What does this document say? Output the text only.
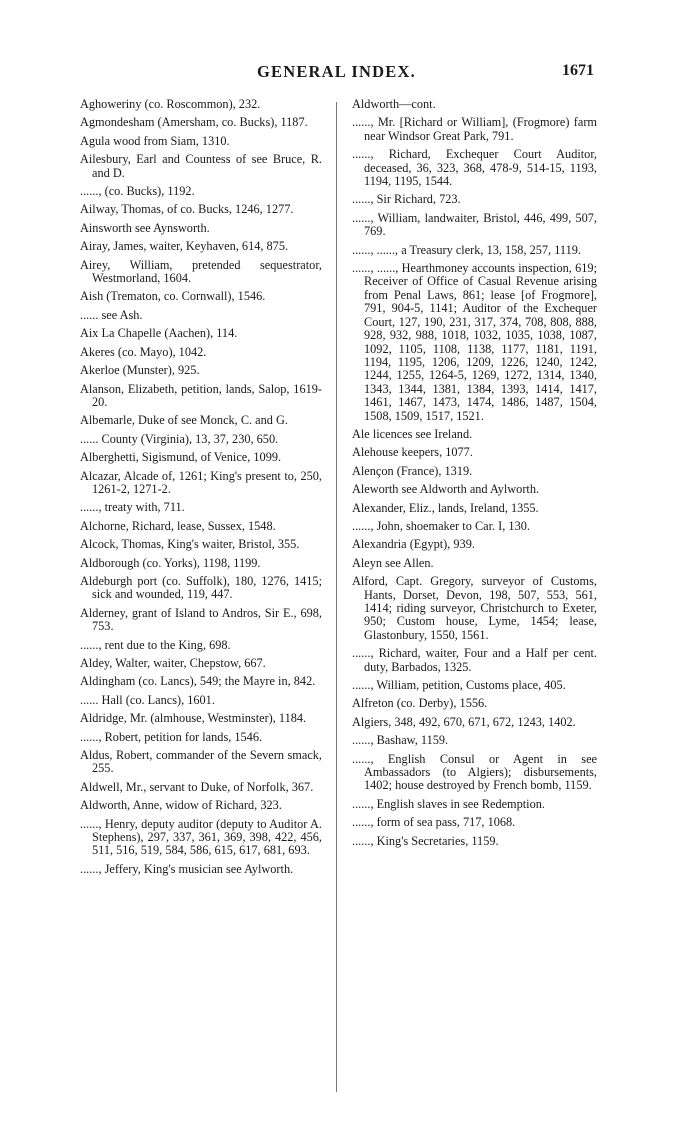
GENERAL INDEX.	1671

Aghoweriny (co. Roscommon), 232.

Agmondesham (Amersham, co. Bucks), 1187.

Agula wood from Siam, 1310.

Ailesbury, Earl and Countess of see Bruce, R. and D.

......, (co. Bucks), 1192.

Ailway, Thomas, of co. Bucks, 1246, 1277.

Ainsworth see Aynsworth.

Airay, James, waiter, Keyhaven, 614, 875.

Airey, William, pretended sequestrator, Westmorland, 1604.

Aish (Trematon, co. Cornwall), 1546.

...... see Ash.

Aix La Chapelle (Aachen), 114.

Akeres (co. Mayo), 1042.

Akerloe (Munster), 925.

Alanson, Elizabeth, petition, lands, Salop, 1619-20.

Albemarle, Duke of see Monck, C. and G.

...... County (Virginia), 13, 37, 230, 650.

Alberghetti, Sigismund, of Venice, 1099.

Alcazar, Alcade of, 1261; King's present to, 250, 1261-2, 1271-2.

......, treaty with, 711.

Alchorne, Richard, lease, Sussex, 1548.

Alcock, Thomas, King's waiter, Bristol, 355.

Aldborough (co. Yorks), 1198, 1199.

Aldeburgh port (co. Suffolk), 180, 1276, 1415; sick and wounded, 119, 447.

Alderney, grant of Island to Andros, Sir E., 698, 753.

......, rent due to the King, 698.

Aldey, Walter, waiter, Chepstow, 667.

Aldingham (co. Lancs), 549; the Mayre in, 842.

...... Hall (co. Lancs), 1601.

Aldridge, Mr. (almhouse, Westminster), 1184.

......, Robert, petition for lands, 1546.

Aldus, Robert, commander of the Severn smack, 255.

Aldwell, Mr., servant to Duke, of Norfolk, 367.

Aldworth, Anne, widow of Richard, 323.

......, Henry, deputy auditor (deputy to Auditor A. Stephens), 297, 337, 361, 369, 398, 422, 456, 511, 516, 519, 584, 586, 615, 617, 681, 693.

......, Jeffery, King's musician see Aylworth.

Aldworth—cont.

......, Mr. [Richard or William], (Frogmore) farm near Windsor Great Park, 791.

......, Richard, Exchequer Court Auditor, deceased, 36, 323, 368, 478-9, 514-15, 1193, 1194, 1195, 1544.

......, Sir Richard, 723.

......, William, landwaiter, Bristol, 446, 499, 507, 769.

......, ......, a Treasury clerk, 13, 158, 257, 1119.

......, ......, Hearthmoney accounts inspection, 619; Receiver of Office of Casual Revenue arising from Penal Laws, 861; lease [of Frogmore], 791, 904-5, 1141; Auditor of the Exchequer Court, 127, 190, 231, 317, 374, 708, 808, 888, 928, 932, 988, 1018, 1032, 1035, 1038, 1087, 1092, 1105, 1108, 1138, 1177, 1181, 1191, 1194, 1195, 1206, 1209, 1226, 1240, 1242, 1244, 1255, 1264-5, 1269, 1272, 1314, 1340, 1343, 1344, 1381, 1384, 1393, 1414, 1417, 1461, 1467, 1473, 1474, 1486, 1487, 1504, 1508, 1509, 1517, 1521.

Ale licences see Ireland.

Alehouse keepers, 1077.

Alençon (France), 1319.

Aleworth see Aldworth and Aylworth.

Alexander, Eliz., lands, Ireland, 1355.

......, John, shoemaker to Car. I, 130.

Alexandria (Egypt), 939.

Aleyn see Allen.

Alford, Capt. Gregory, surveyor of Customs, Hants, Dorset, Devon, 198, 507, 553, 561, 1414; riding surveyor, Christchurch to Exeter, 950; Custom house, Lyme, 1454; lease, Glastonbury, 1550, 1561.

......, Richard, waiter, Four and a Half per cent. duty, Barbados, 1325.

......, William, petition, Customs place, 405.

Alfreton (co. Derby), 1556.

Algiers, 348, 492, 670, 671, 672, 1243, 1402.

......, Bashaw, 1159.

......, English Consul or Agent in see Ambassadors (to Algiers); disbursements, 1402; house destroyed by French bomb, 1159.

......, English slaves in see Redemption.

......, form of sea pass, 717, 1068.

......, King's Secretaries, 1159.
